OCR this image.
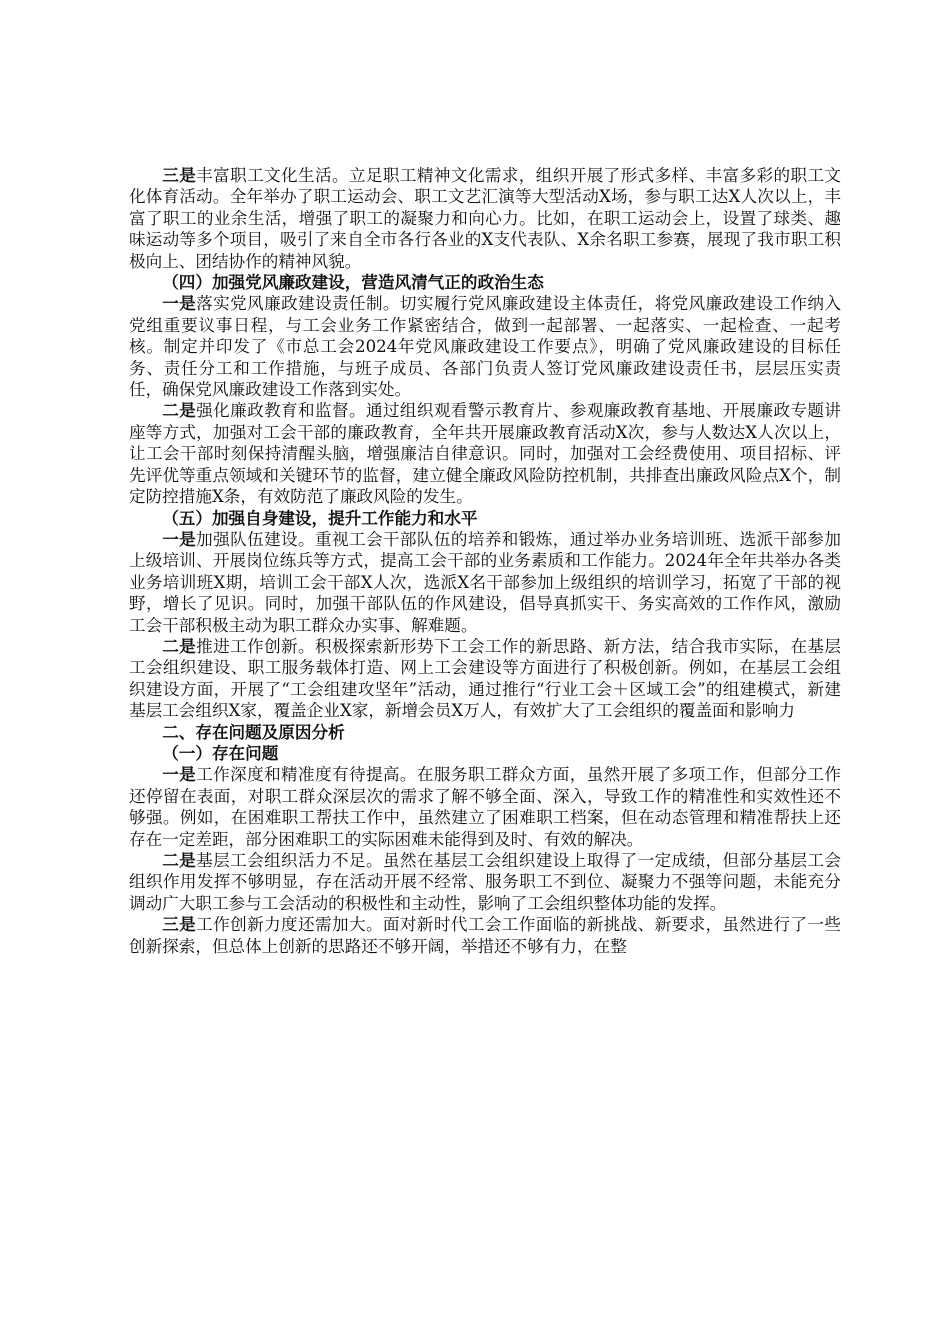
三是丰富职工文化生活。立足职工精神文化需求，组织开展了形式多样、丰富多彩的职工文化体育活动。全年举办了职工运动会、职工文艺汇演等大型活动X场，参与职工达X人次以上，丰富了职工的业余生活，增强了职工的凝聚力和向心力。比如，在职工运动会上，设置了球类、趣味运动等多个项目，吸引了来自全市各行各业的X支代表队、X余名职工参赛，展现了我市职工积极向上、团结协作的精神风貌。

（四）加强党风廉政建设，营造风清气正的政治生态

一是落实党风廉政建设责任制。切实履行党风廉政建设主体责任，将党风廉政建设工作纳入党组重要议事日程，与工会业务工作紧密结合，做到一起部署、一起落实、一起检查、一起考核。制定并印发了《市总工会2024年党风廉政建设工作要点》，明确了党风廉政建设的目标任务、责任分工和工作措施，与班子成员、各部门负责人签订党风廉政建设责任书，层层压实责任，确保党风廉政建设工作落到实处。

二是强化廉政教育和监督。通过组织观看警示教育片、参观廉政教育基地、开展廉政专题讲座等方式，加强对工会干部的廉政教育，全年共开展廉政教育活动X次，参与人数达X人次以上，让工会干部时刻保持清醒头脑，增强廉洁自律意识。同时，加强对工会经费使用、项目招标、评先评优等重点领域和关键环节的监督，建立健全廉政风险防控机制，共排查出廉政风险点X个，制定防控措施X条，有效防范了廉政风险的发生。

（五）加强自身建设，提升工作能力和水平

一是加强队伍建设。重视工会干部队伍的培养和锻炼，通过举办业务培训班、选派干部参加上级培训、开展岗位练兵等方式，提高工会干部的业务素质和工作能力。2024年全年共举办各类业务培训班X期，培训工会干部X人次，选派X名干部参加上级组织的培训学习，拓宽了干部的视野，增长了见识。同时，加强干部队伍的作风建设，倡导真抓实干、务实高效的工作作风，激励工会干部积极主动为职工群众办实事、解难题。

二是推进工作创新。积极探索新形势下工会工作的新思路、新方法，结合我市实际，在基层工会组织建设、职工服务载体打造、网上工会建设等方面进行了积极创新。例如，在基层工会组织建设方面，开展了“工会组建攻坚年”活动，通过推行“行业工会＋区域工会”的组建模式，新建基层工会组织X家，覆盖企业X家，新增会员X万人，有效扩大了工会组织的覆盖面和影响力

二、存在问题及原因分析

（一）存在问题

一是工作深度和精准度有待提高。在服务职工群众方面，虽然开展了多项工作，但部分工作还停留在表面，对职工群众深层次的需求了解不够全面、深入，导致工作的精准性和实效性还不够强。例如，在困难职工帮扶工作中，虽然建立了困难职工档案，但在动态管理和精准帮扶上还存在一定差距，部分困难职工的实际困难未能得到及时、有效的解决。

二是基层工会组织活力不足。虽然在基层工会组织建设上取得了一定成绩，但部分基层工会组织作用发挥不够明显，存在活动开展不经常、服务职工不到位、凝聚力不强等问题，未能充分调动广大职工参与工会活动的积极性和主动性，影响了工会组织整体功能的发挥。

三是工作创新力度还需加大。面对新时代工会工作面临的新挑战、新要求，虽然进行了一些创新探索，但总体上创新的思路还不够开阔，举措还不够有力，在整
